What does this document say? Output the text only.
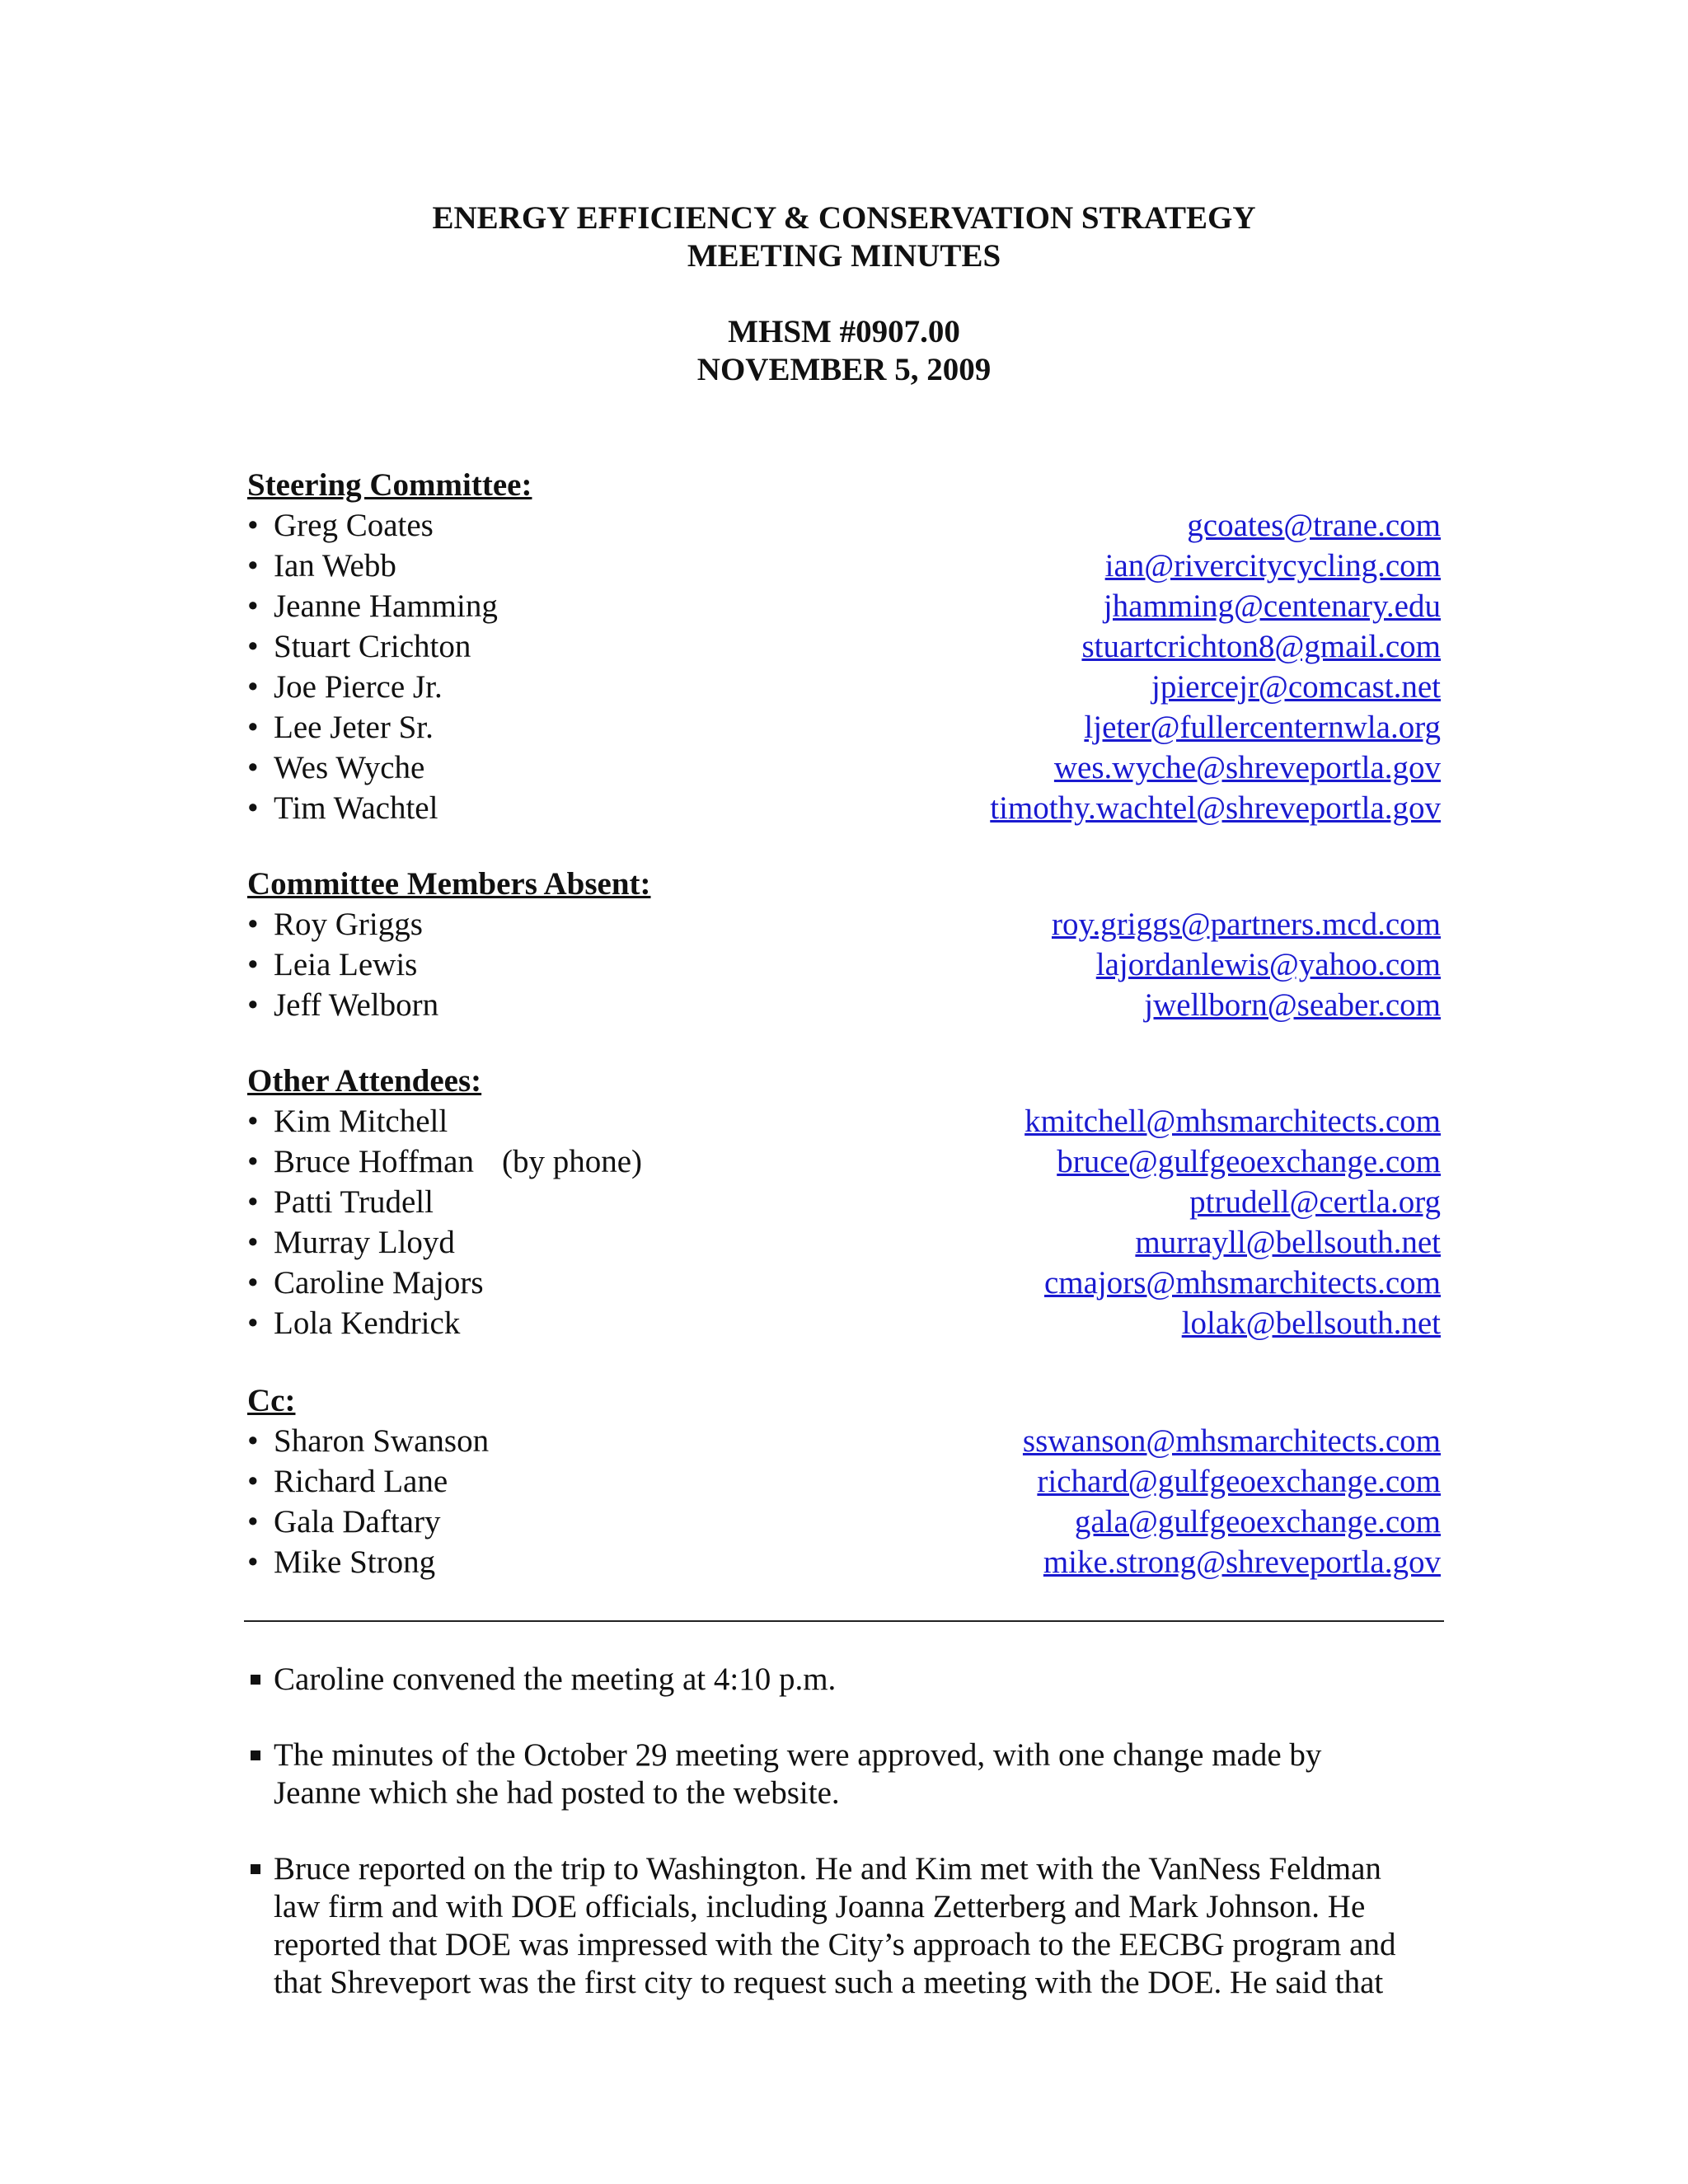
ENERGY EFFICIENCY & CONSERVATION STRATEGY
MEETING MINUTES
MHSM #0907.00
NOVEMBER 5, 2009
Steering Committee:
• Greg Coates	gcoates@trane.com
• Ian Webb	ian@rivercitycycling.com
• Jeanne Hamming	jhamming@centenary.edu
• Stuart Crichton	stuartcrichton8@gmail.com
• Joe Pierce Jr.	jpiercejr@comcast.net
• Lee Jeter Sr.	ljeter@fullercenternwla.org
• Wes Wyche	wes.wyche@shreveportla.gov
• Tim Wachtel	timothy.wachtel@shreveportla.gov
Committee Members Absent:
• Roy Griggs	roy.griggs@partners.mcd.com
• Leia Lewis	lajordanlewis@yahoo.com
• Jeff Welborn	jwellborn@seaber.com
Other Attendees:
• Kim Mitchell	kmitchell@mhsmarchitects.com
• Bruce Hoffman (by phone)	bruce@gulfgeoexchange.com
• Patti Trudell	ptrudell@certla.org
• Murray Lloyd	murrayll@bellsouth.net
• Caroline Majors	cmajors@mhsmarchitects.com
• Lola Kendrick	lolak@bellsouth.net
Cc:
• Sharon Swanson	sswanson@mhsmarchitects.com
• Richard Lane	richard@gulfgeoexchange.com
• Gala Daftary	gala@gulfgeoexchange.com
• Mike Strong	mike.strong@shreveportla.gov
Caroline convened the meeting at 4:10 p.m.
The minutes of the October 29 meeting were approved, with one change made by
Jeanne which she had posted to the website.
Bruce reported on the trip to Washington. He and Kim met with the VanNess Feldman
law firm and with DOE officials, including Joanna Zetterberg and Mark Johnson. He
reported that DOE was impressed with the City’s approach to the EECBG program and
that Shreveport was the first city to request such a meeting with the DOE. He said that
